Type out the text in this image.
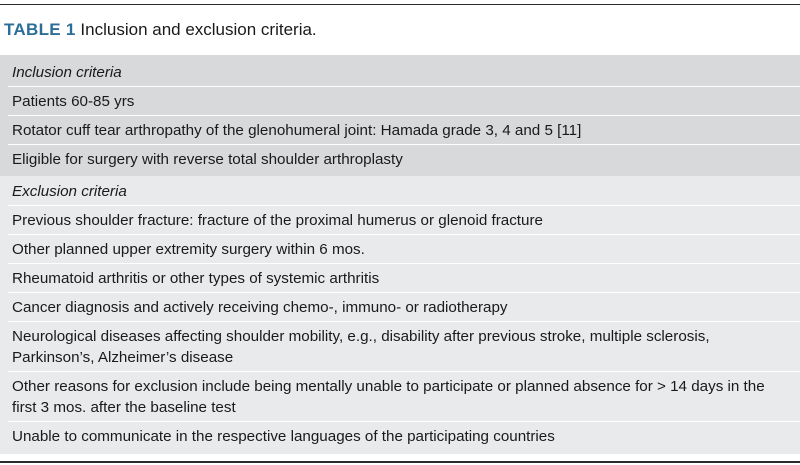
TABLE 1 Inclusion and exclusion criteria.
Inclusion criteria
Patients 60-85 yrs
Rotator cuff tear arthropathy of the glenohumeral joint: Hamada grade 3, 4 and 5 [11]
Eligible for surgery with reverse total shoulder arthroplasty
Exclusion criteria
Previous shoulder fracture: fracture of the proximal humerus or glenoid fracture
Other planned upper extremity surgery within 6 mos.
Rheumatoid arthritis or other types of systemic arthritis
Cancer diagnosis and actively receiving chemo-, immuno- or radiotherapy
Neurological diseases affecting shoulder mobility, e.g., disability after previous stroke, multiple sclerosis, Parkinson’s, Alzheimer’s disease
Other reasons for exclusion include being mentally unable to participate or planned absence for > 14 days in the first 3 mos. after the baseline test
Unable to communicate in the respective languages of the participating countries
